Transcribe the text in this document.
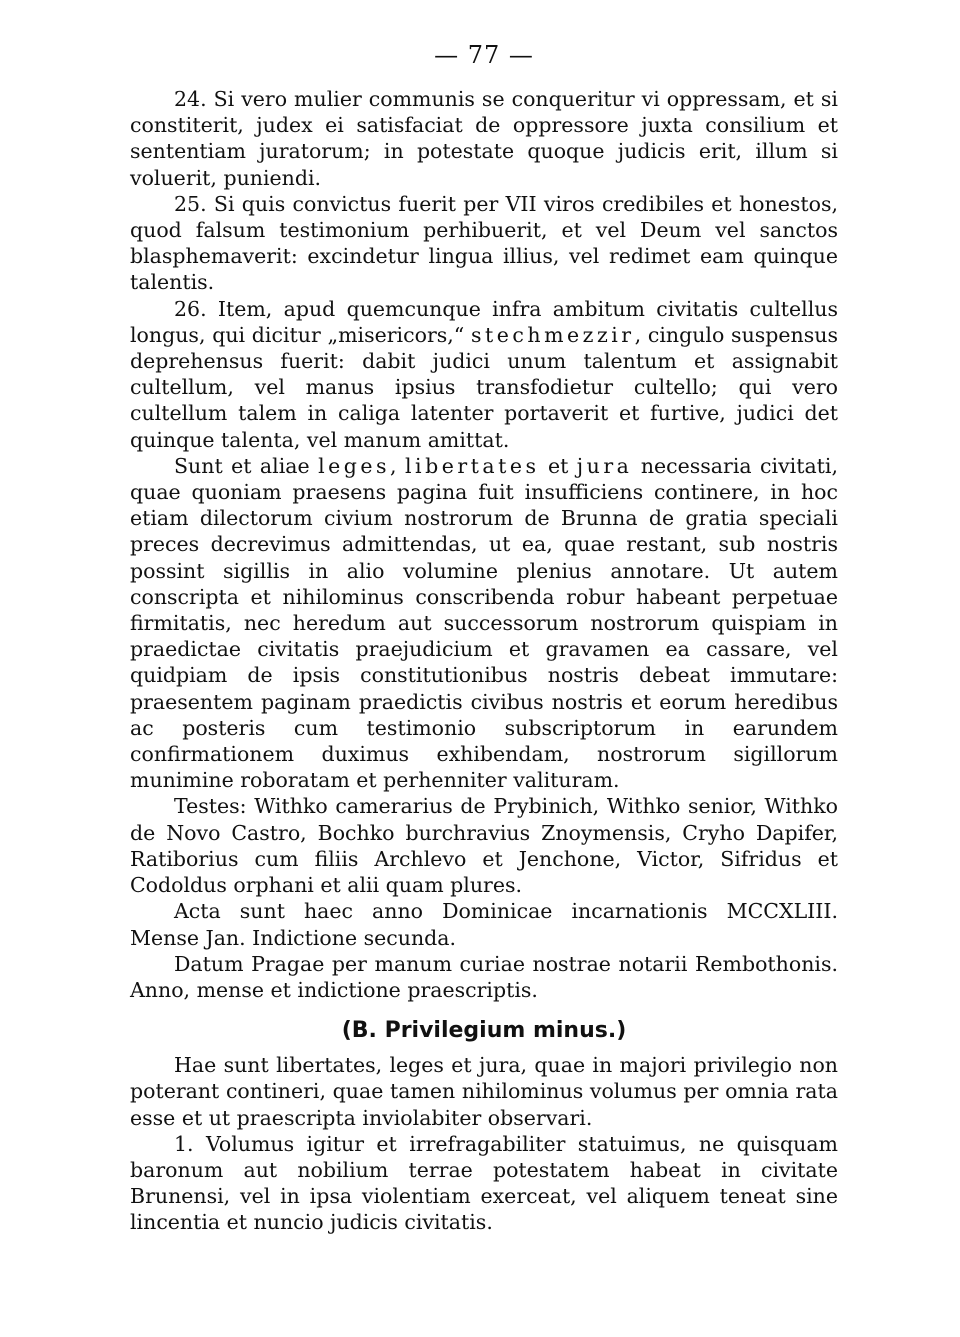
— 77 —

24. Si vero mulier communis se conqueritur vi oppressam, et si constiterit, judex ei satisfaciat de oppressore juxta consilium et sententiam juratorum; in potestate quoque judicis erit, illum si voluerit, puniendi.

25. Si quis convictus fuerit per VII viros credibiles et honestos, quod falsum testimonium perhibuerit, et vel Deum vel sanctos blasphemaverit: excindetur lingua illius, vel redimet eam quinque talentis.

26. Item, apud quemcunque infra ambitum civitatis cultellus longus, qui dicitur „misericors,“ stechmezzir, cingulo suspensus deprehensus fuerit: dabit judici unum talentum et assignabit cultellum, vel manus ipsius transfodietur cultello; qui vero cultellum talem in caliga latenter portaverit et furtive, judici det quinque talenta, vel manum amittat.

Sunt et aliae leges, libertates et jura necessaria civitati, quae quoniam praesens pagina fuit insufficiens continere, in hoc etiam dilectorum civium nostrorum de Brunna de gratia speciali preces decrevimus admittendas, ut ea, quae restant, sub nostris possint sigillis in alio volumine plenius annotare. Ut autem conscripta et nihilominus conscribenda robur habeant perpetuae firmitatis, nec heredum aut successorum nostrorum quispiam in praedictae civitatis praejudicium et gravamen ea cassare, vel quidpiam de ipsis constitutionibus nostris debeat immutare: praesentem paginam praedictis civibus nostris et eorum heredibus ac posteris cum testimonio subscriptorum in earundem confirmationem duximus exhibendam, nostrorum sigillorum munimine roboratam et perhenniter valituram.

Testes: Withko camerarius de Prybinich, Withko senior, Withko de Novo Castro, Bochko burchravius Znoymensis, Cryho Dapifer, Ratiborius cum filiis Archlevo et Jenchone, Victor, Sifridus et Codoldus orphani et alii quam plures.

Acta sunt haec anno Dominicae incarnationis MCCXLIII. Mense Jan. Indictione secunda.

Datum Pragae per manum curiae nostrae notarii Rembothonis. Anno, mense et indictione praescriptis.

(B. Privilegium minus.)

Hae sunt libertates, leges et jura, quae in majori privilegio non poterant contineri, quae tamen nihilominus volumus per omnia rata esse et ut praescripta inviolabiter observari.

1. Volumus igitur et irrefragabiliter statuimus, ne quisquam baronum aut nobilium terrae potestatem habeat in civitate Brunensi, vel in ipsa violentiam exerceat, vel aliquem teneat sine lincentia et nuncio judicis civitatis.
